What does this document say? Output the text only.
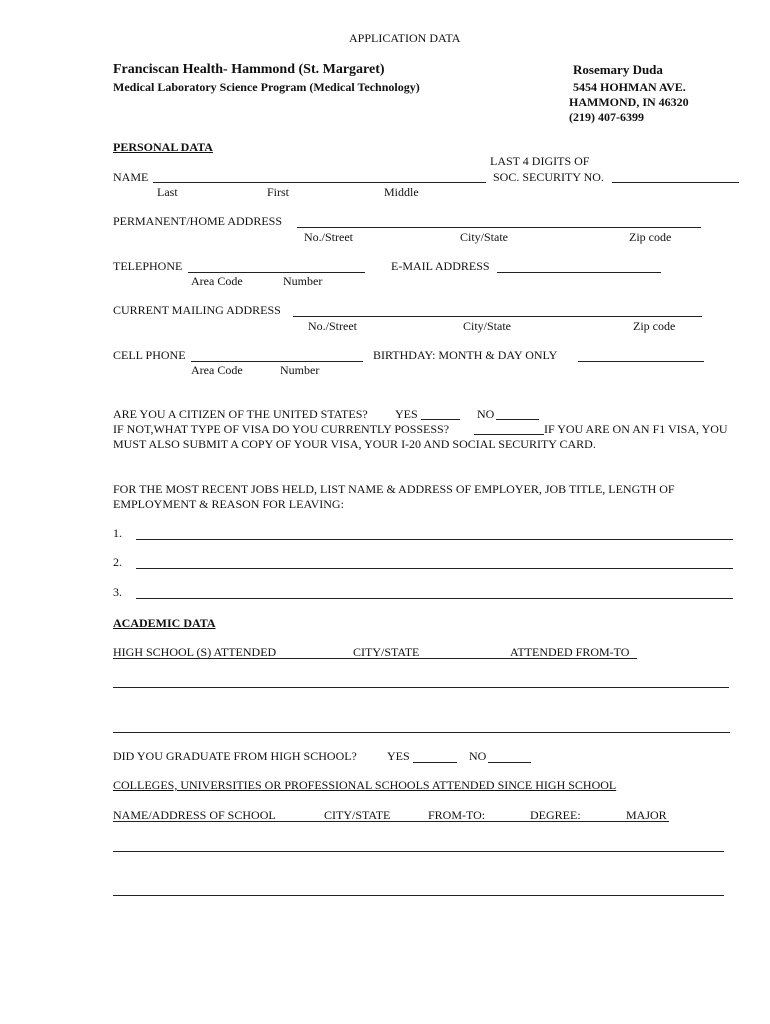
APPLICATION DATA
Franciscan Health- Hammond (St. Margaret)
Medical Laboratory Science Program (Medical Technology)
Rosemary Duda
5454 HOHMAN AVE.
HAMMOND, IN 46320
(219) 407-6399
PERSONAL DATA
LAST 4 DIGITS OF
NAME	SOC. SECURITY NO.
Last	First	Middle
PERMANENT/HOME ADDRESS
No./Street	City/State	Zip code
TELEPHONE	E-MAIL ADDRESS
Area Code	Number
CURRENT MAILING ADDRESS
No./Street	City/State	Zip code
CELL PHONE	BIRTHDAY: MONTH & DAY ONLY
Area Code	Number
ARE YOU A CITIZEN OF THE UNITED STATES? YES	NO
IF NOT,WHAT TYPE OF VISA DO YOU CURRENTLY POSSESS?	IF YOU ARE ON AN F1 VISA, YOU
MUST ALSO SUBMIT A COPY OF YOUR VISA, YOUR I-20 AND SOCIAL SECURITY CARD.
FOR THE MOST RECENT JOBS HELD, LIST NAME & ADDRESS OF EMPLOYER, JOB TITLE, LENGTH OF
EMPLOYMENT & REASON FOR LEAVING:
1.
2.
3.
ACADEMIC DATA
HIGH SCHOOL (S) ATTENDED	CITY/STATE	ATTENDED FROM-TO
DID YOU GRADUATE FROM HIGH SCHOOL?	YES	NO
COLLEGES, UNIVERSITIES OR PROFESSIONAL SCHOOLS ATTENDED SINCE HIGH SCHOOL
NAME/ADDRESS OF SCHOOL	CITY/STATE	FROM-TO:	DEGREE:	MAJOR
